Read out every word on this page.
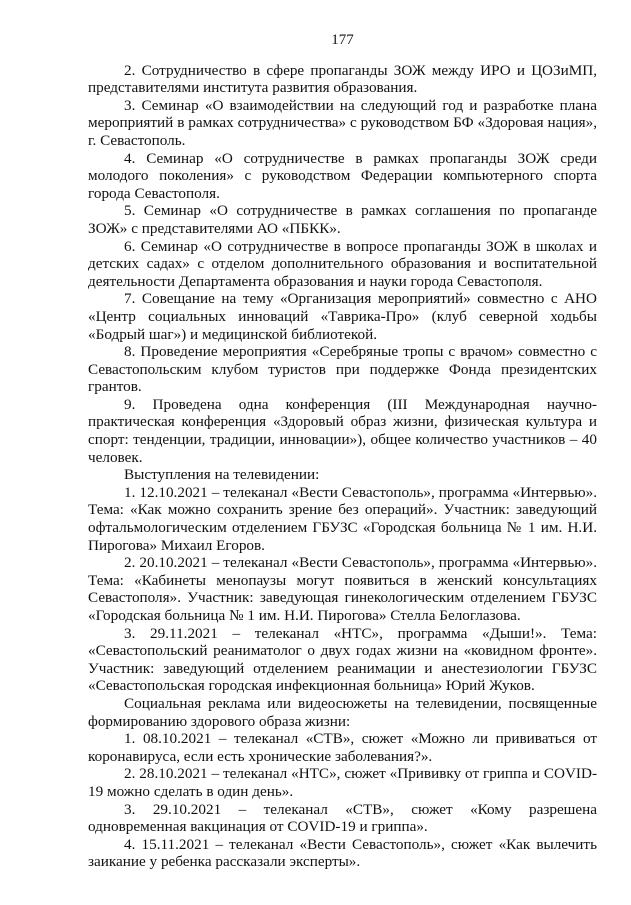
177

2. Сотрудничество в сфере пропаганды ЗОЖ между ИРО и ЦОЗиМП, представителями института развития образования.

3. Семинар «О взаимодействии на следующий год и разработке плана мероприятий в рамках сотрудничества» с руководством БФ «Здоровая нация», г. Севастополь.

4. Семинар «О сотрудничестве в рамках пропаганды ЗОЖ среди молодого поколения» с руководством Федерации компьютерного спорта города Севастополя.

5. Семинар «О сотрудничестве в рамках соглашения по пропаганде ЗОЖ» с представителями АО «ПБКК».

6. Семинар «О сотрудничестве в вопросе пропаганды ЗОЖ в школах и детских садах» с отделом дополнительного образования и воспитательной деятельности Департамента образования и науки города Севастополя.

7. Совещание на тему «Организация мероприятий» совместно с АНО «Центр социальных инноваций «Таврика-Про» (клуб северной ходьбы «Бодрый шаг») и медицинской библиотекой.

8. Проведение мероприятия «Серебряные тропы с врачом» совместно с Севастопольским клубом туристов при поддержке Фонда президентских грантов.

9. Проведена одна конференция (III Международная научно-практическая конференция «Здоровый образ жизни, физическая культура и спорт: тенденции, традиции, инновации»), общее количество участников – 40 человек.

Выступления на телевидении:

1. 12.10.2021 – телеканал «Вести Севастополь», программа «Интервью». Тема: «Как можно сохранить зрение без операций». Участник: заведующий офтальмологическим отделением ГБУЗС «Городская больница № 1 им. Н.И. Пирогова» Михаил Егоров.

2. 20.10.2021 – телеканал «Вести Севастополь», программа «Интервью». Тема: «Кабинеты менопаузы могут появиться в женский консультациях Севастополя». Участник: заведующая гинекологическим отделением ГБУЗС «Городская больница № 1 им. Н.И. Пирогова» Стелла Белоглазова.

3. 29.11.2021 – телеканал «НТС», программа «Дыши!». Тема: «Севастопольский реаниматолог о двух годах жизни на «ковидном фронте». Участник: заведующий отделением реанимации и анестезиологии ГБУЗС «Севастопольская городская инфекционная больница» Юрий Жуков.

Социальная реклама или видеосюжеты на телевидении, посвященные формированию здорового образа жизни:

1. 08.10.2021 – телеканал «СТВ», сюжет «Можно ли прививаться от коронавируса, если есть хронические заболевания?».

2. 28.10.2021 – телеканал «НТС», сюжет «Прививку от гриппа и COVID-19 можно сделать в один день».

3. 29.10.2021 – телеканал «СТВ», сюжет «Кому разрешена одновременная вакцинация от COVID-19 и гриппа».

4. 15.11.2021 – телеканал «Вести Севастополь», сюжет «Как вылечить заикание у ребенка рассказали эксперты».
